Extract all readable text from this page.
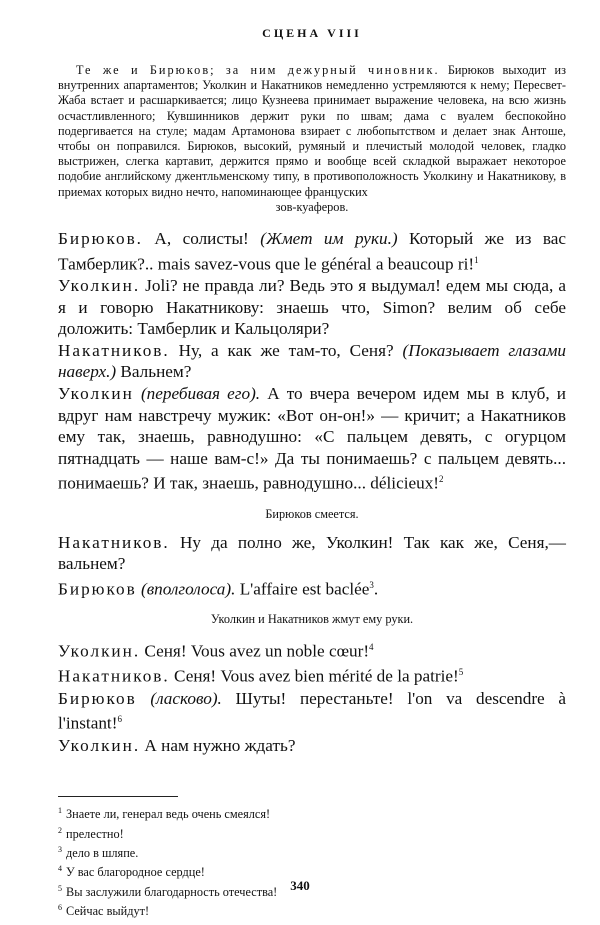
СЦЕНА VIII

Те же и Бирюков; за ним дежурный чиновник. Бирюков выходит из внутренних апартаментов; Уколкин и Накатников немедленно устремляются к нему; Пересвет-Жаба встает и расшаркивается; лицо Кузнеева принимает выражение человека, на всю жизнь осчастливленного; Кувшинников держит руки по швам; дама с вуалем беспокойно подергивается на стуле; мадам Артамонова взирает с любопытством и делает знак Антоше, чтобы он поправился. Бирюков, высокий, румяный и плечистый молодой человек, гладко выстрижен, слегка картавит, держится прямо и вообще всей складкой выражает некоторое подобие английскому джентльменскому типу, в противоположность Уколкину и Накатникову, в приемах которых видно нечто, напоминающее француских
зов-куаферов.

Бирюков. А, солисты! (Жмет им руки.) Который же из вас Тамберлик?.. mais savez-vous que le général a beaucoup ri!$^1$

Уколкин. Joli? не правда ли? Ведь это я выдумал! едем мы сюда, а я и говорю Накатникову: знаешь что, Simon? велим об себе доложить: Тамберлик и Кальцоляри?

Накатников. Ну, а как же там-то, Сеня? (Показывает глазами наверх.) Вальнем?

Уколкин (перебивая его). А то вчера вечером идем мы в клуб, и вдруг нам навстречу мужик: «Вот он-он!» — кричит; а Накатников ему так, знаешь, равнодушно: «С пальцем девять, с огурцом пятнадцать — наше вам-с!» Да ты понимаешь? с пальцем девять... понимаешь? И так, знаешь, равнодушно... délicieux!$^2$

Бирюков смеется.

Накатников. Ну да полно же, Уколкин! Так как же, Сеня,— вальнем?

Бирюков (вполголоса). L'affaire est baclée$^3$.

Уколкин и Накатников жмут ему руки.

Уколкин. Сеня! Vous avez un noble cœur!$^4$

Накатников. Сеня! Vous avez bien mérité de la patrie!$^5$

Бирюков (ласково). Шуты! перестаньте! l'on va descendre à l'instant!$^6$

Уколкин. А нам нужно ждать?

$^1$ Знаете ли, генерал ведь очень смеялся!

$^2$ прелестно!

$^3$ дело в шляпе.

$^4$ У вас благородное сердце!

$^5$ Вы заслужили благодарность отечества!

$^6$ Сейчас выйдут!

340
